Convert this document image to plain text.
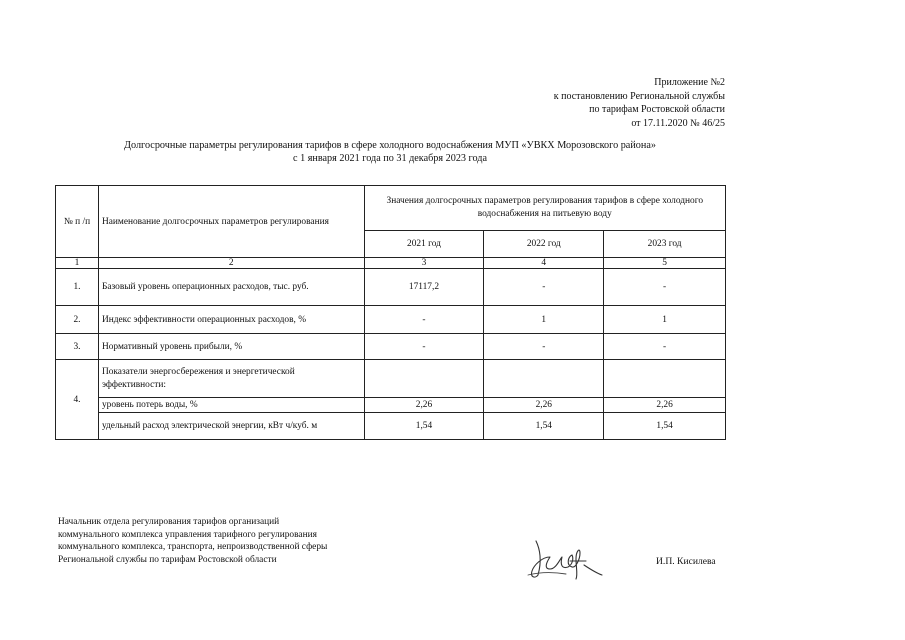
Приложение №2
к постановлению Региональной службы
по тарифам Ростовской области
от 17.11.2020 № 46/25
Долгосрочные параметры регулирования тарифов в сфере холодного водоснабжения МУП «УВКХ Морозовского района»
с 1 января 2021 года по 31 декабря 2023 года
№ п /п	Наименование долгосрочных параметров регулирования	Значения долгосрочных параметров регулирования тарифов в сфере холодного водоснабжения на питьевую воду		
		2021 год	2022 год	2023 год
1	2	3	4	5
1.	Базовый уровень операционных расходов, тыс. руб.	17117,2	-	-
2.	Индекс эффективности операционных расходов, %	-	1	1
3.	Нормативный уровень прибыли, %	-	-	-
4.	Показатели энергосбережения и энергетической эффективности:			
	уровень потерь воды, %	2,26	2,26	2,26
	удельный расход электрической энергии, кВт ч/куб. м	1,54	1,54	1,54
Начальник отдела регулирования тарифов организаций
коммунального комплекса управления тарифного регулирования
коммунального комплекса, транспорта, непроизводственной сферы
Региональной службы по тарифам Ростовской области	И.П. Кисилева
